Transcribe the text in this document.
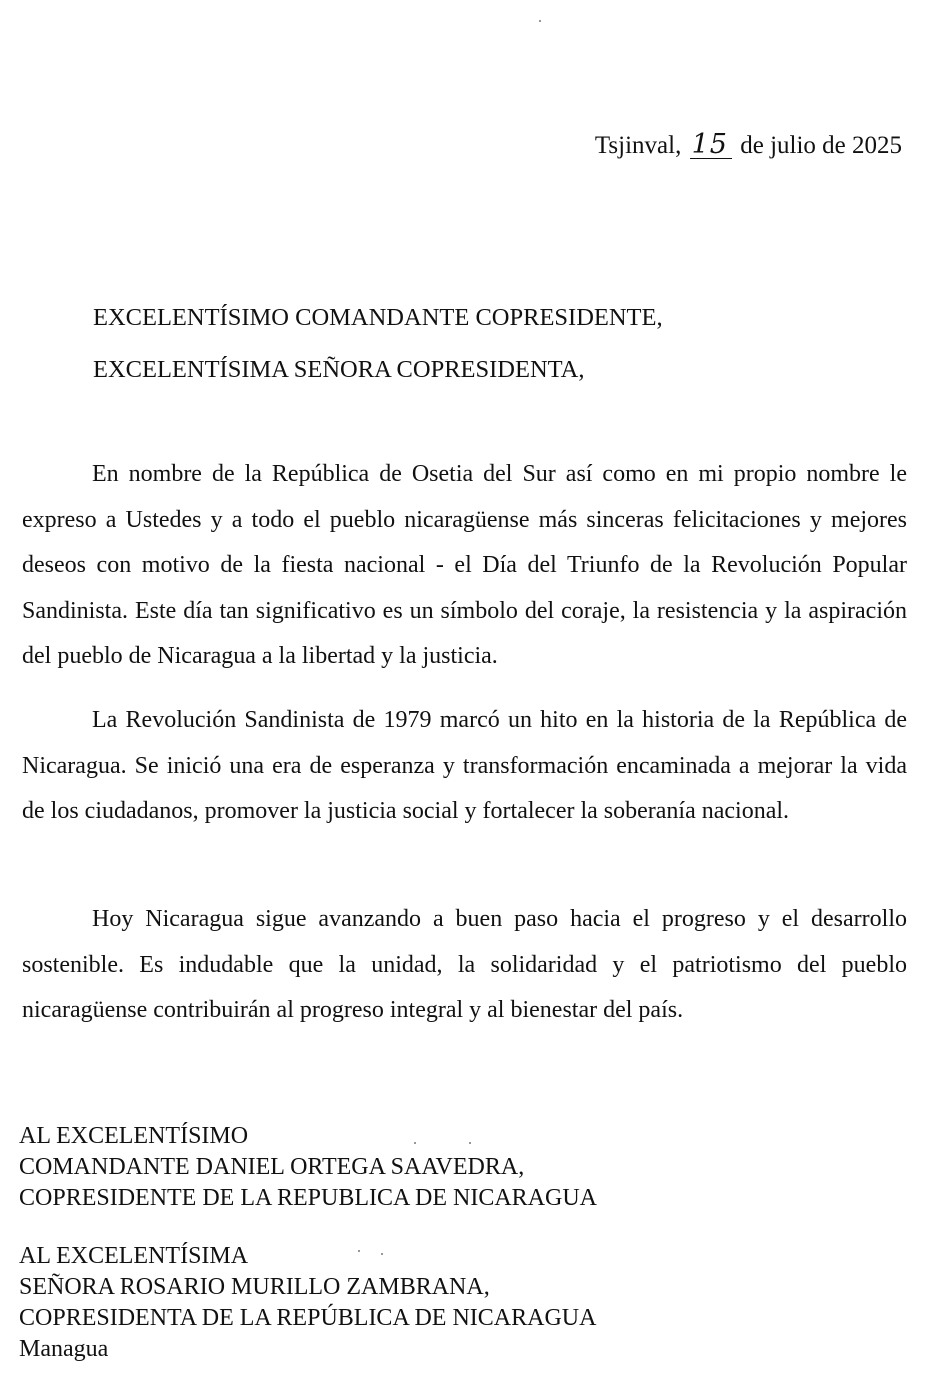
Tsjinval, 15 de julio de 2025
EXCELENTÍSIMO COMANDANTE COPRESIDENTE,
EXCELENTÍSIMA SEÑORA COPRESIDENTA,

En nombre de la República de Osetia del Sur así como en mi propio nombre le expreso a Ustedes y a todo el pueblo nicaragüense más sinceras felicitaciones y mejores deseos con motivo de la fiesta nacional - el Día del Triunfo de la Revolución Popular Sandinista. Este día tan significativo es un símbolo del coraje, la resistencia y la aspiración del pueblo de Nicaragua a la libertad y la justicia.

La Revolución Sandinista de 1979 marcó un hito en la historia de la República de Nicaragua. Se inició una era de esperanza y transformación encaminada a mejorar la vida de los ciudadanos, promover la justicia social y fortalecer la soberanía nacional.

Hoy Nicaragua sigue avanzando a buen paso hacia el progreso y el desarrollo sostenible. Es indudable que la unidad, la solidaridad y el patriotismo del pueblo nicaragüense contribuirán al progreso integral y al bienestar del país.

AL EXCELENTÍSIMO
COMANDANTE DANIEL ORTEGA SAAVEDRA,
COPRESIDENTE DE LA REPUBLICA DE NICARAGUA
AL EXCELENTÍSIMA
SEÑORA ROSARIO MURILLO ZAMBRANA,
COPRESIDENTA DE LA REPÚBLICA DE NICARAGUA
Managua
